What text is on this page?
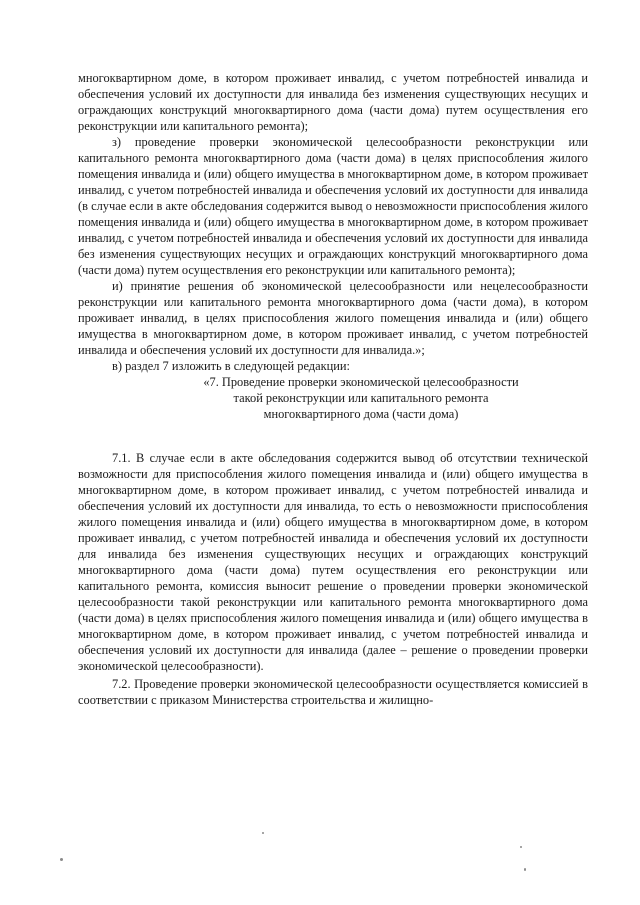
многоквартирном доме, в котором проживает инвалид, с учетом потребностей инвалида и обеспечения условий их доступности для инвалида без изменения существующих несущих и ограждающих конструкций многоквартирного дома (части дома) путем осуществления его реконструкции или капитального ремонта);

з) проведение проверки экономической целесообразности реконструкции или капитального ремонта многоквартирного дома (части дома) в целях приспособления жилого помещения инвалида и (или) общего имущества в многоквартирном доме, в котором проживает инвалид, с учетом потребностей инвалида и обеспечения условий их доступности для инвалида (в случае если в акте обследования содержится вывод о невозможности приспособления жилого помещения инвалида и (или) общего имущества в многоквартирном доме, в котором проживает инвалид, с учетом потребностей инвалида и обеспечения условий их доступности для инвалида без изменения существующих несущих и ограждающих конструкций многоквартирного дома (части дома) путем осуществления его реконструкции или капитального ремонта);

и) принятие решения об экономической целесообразности или нецелесообразности реконструкции или капитального ремонта многоквартирного дома (части дома), в котором проживает инвалид, в целях приспособления жилого помещения инвалида и (или) общего имущества в многоквартирном доме, в котором проживает инвалид, с учетом потребностей инвалида и обеспечения условий их доступности для инвалида.»;

в) раздел 7 изложить в следующей редакции:

«7. Проведение проверки экономической целесообразности
такой реконструкции или капитального ремонта
многоквартирного дома (части дома)

7.1. В случае если в акте обследования содержится вывод об отсутствии технической возможности для приспособления жилого помещения инвалида и (или) общего имущества в многоквартирном доме, в котором проживает инвалид, с учетом потребностей инвалида и обеспечения условий их доступности для инвалида, то есть о невозможности приспособления жилого помещения инвалида и (или) общего имущества в многоквартирном доме, в котором проживает инвалид, с учетом потребностей инвалида и обеспечения условий их доступности для инвалида без изменения существующих несущих и ограждающих конструкций многоквартирного дома (части дома) путем осуществления его реконструкции или капитального ремонта, комиссия выносит решение о проведении проверки экономической целесообразности такой реконструкции или капитального ремонта многоквартирного дома (части дома) в целях приспособления жилого помещения инвалида и (или) общего имущества в многоквартирном доме, в котором проживает инвалид, с учетом потребностей инвалида и обеспечения условий их доступности для инвалида (далее – решение о проведении проверки экономической целесообразности).

7.2. Проведение проверки экономической целесообразности осуществляется комиссией в соответствии с приказом Министерства строительства и жилищно-
